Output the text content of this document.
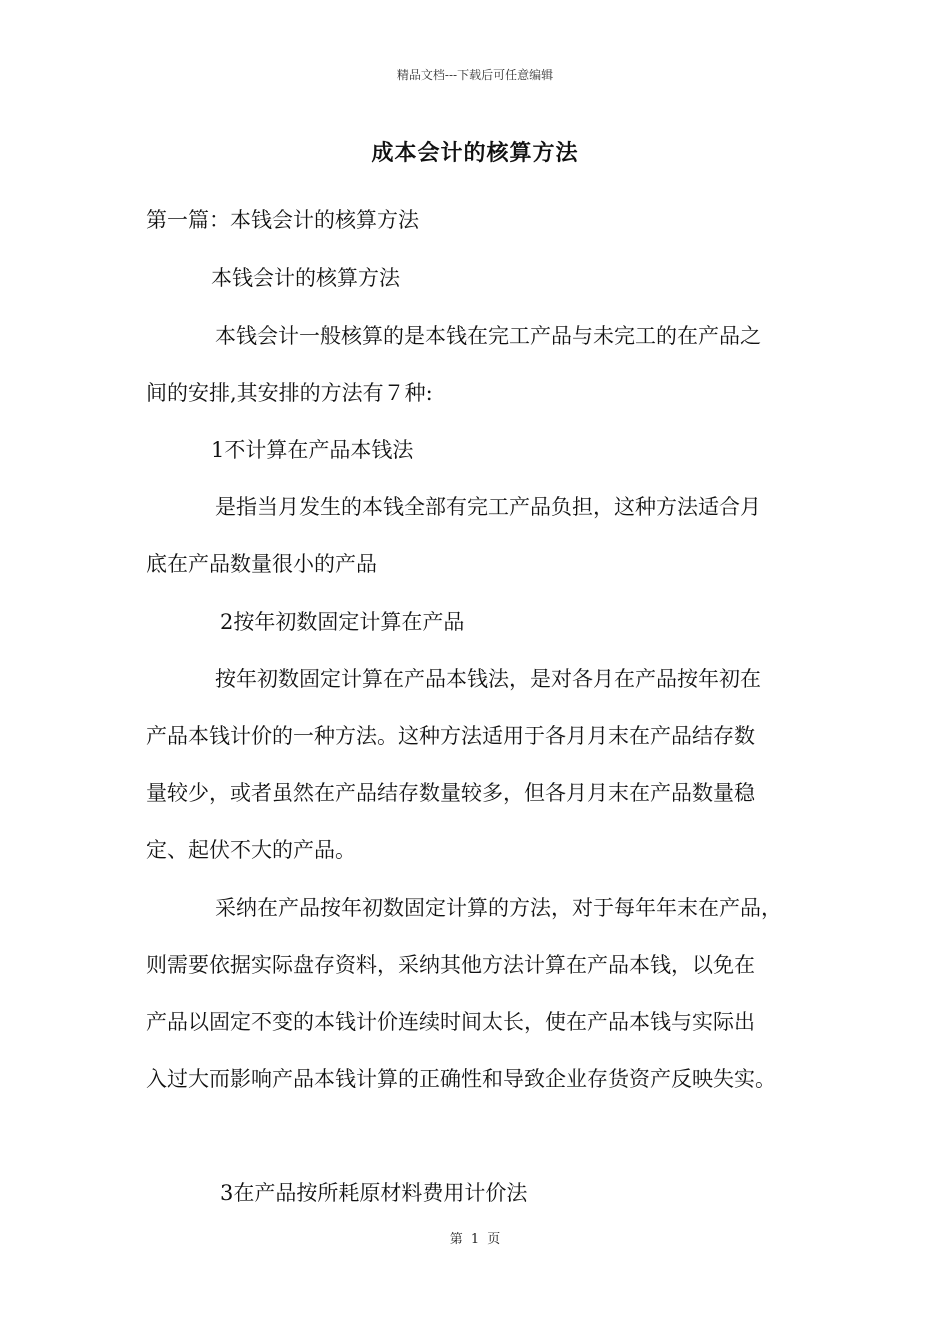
精品文档---下载后可任意编辑
成本会计的核算方法
第一篇：本钱会计的核算方法
本钱会计的核算方法
本钱会计一般核算的是本钱在完工产品与未完工的在产品之
间的安排,其安排的方法有７种:
1不计算在产品本钱法
是指当月发生的本钱全部有完工产品负担，这种方法适合月
底在产品数量很小的产品
2按年初数固定计算在产品
按年初数固定计算在产品本钱法，是对各月在产品按年初在
产品本钱计价的一种方法。这种方法适用于各月月末在产品结存数
量较少，或者虽然在产品结存数量较多，但各月月末在产品数量稳
定、起伏不大的产品。
采纳在产品按年初数固定计算的方法，对于每年年末在产品，
则需要依据实际盘存资料，采纳其他方法计算在产品本钱，以免在
产品以固定不变的本钱计价连续时间太长，使在产品本钱与实际出
入过大而影响产品本钱计算的正确性和导致企业存货资产反映失实。
3在产品按所耗原材料费用计价法
第 1 页
